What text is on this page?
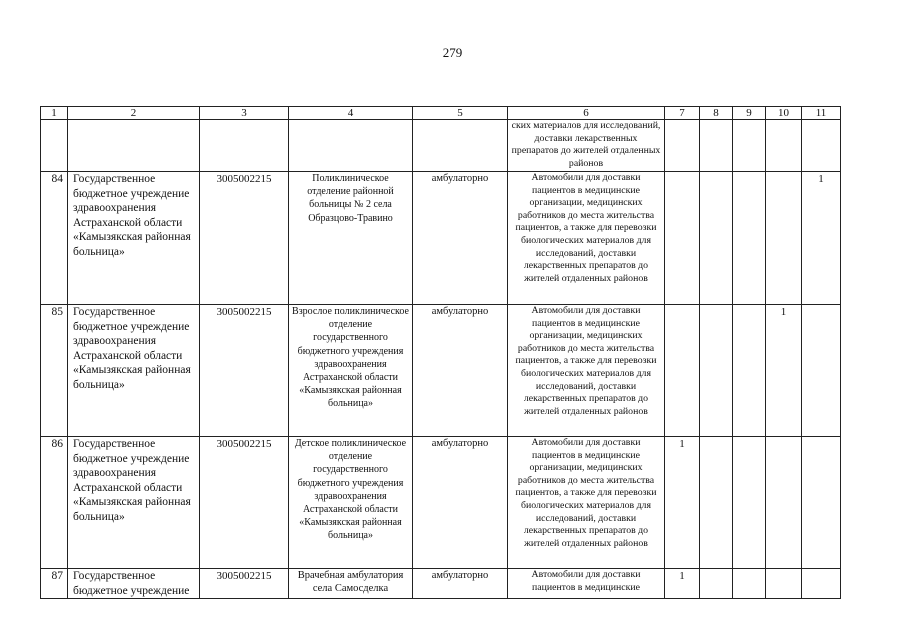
279
1	2	3	4	5	6	7	8	9	10	11
					ских материалов для исследований, доставки лекарственных препаратов до жителей отдаленных районов					
84	Государственное бюджетное учреждение здравоохранения Астраханской области «Камызякская районная больница»	3005002215	Поликлиническое отделение районной больницы № 2 села Образцово-Травино	амбулаторно	Автомобили для доставки пациентов в медицинские организации, медицинских работников до места жительства пациентов, а также для перевозки биологических материалов для исследований, доставки лекарственных препаратов до жителей отдаленных районов					1
85	Государственное бюджетное учреждение здравоохранения Астраханской области «Камызякская районная больница»	3005002215	Взрослое поликлиническое отделение государственного бюджетного учреждения здравоохранения Астраханской области «Камызякская районная больница»	амбулаторно	Автомобили для доставки пациентов в медицинские организации, медицинских работников до места жительства пациентов, а также для перевозки биологических материалов для исследований, доставки лекарственных препаратов до жителей отдаленных районов				1	
86	Государственное бюджетное учреждение здравоохранения Астраханской области «Камызякская районная больница»	3005002215	Детское поликлиническое отделение государственного бюджетного учреждения здравоохранения Астраханской области «Камызякская районная больница»	амбулаторно	Автомобили для доставки пациентов в медицинские организации, медицинских работников до места жительства пациентов, а также для перевозки биологических материалов для исследований, доставки лекарственных препаратов до жителей отдаленных районов	1				
87	Государственное бюджетное учреждение	3005002215	Врачебная амбулатория села Самосделка	амбулаторно	Автомобили для доставки пациентов в медицинские	1				
